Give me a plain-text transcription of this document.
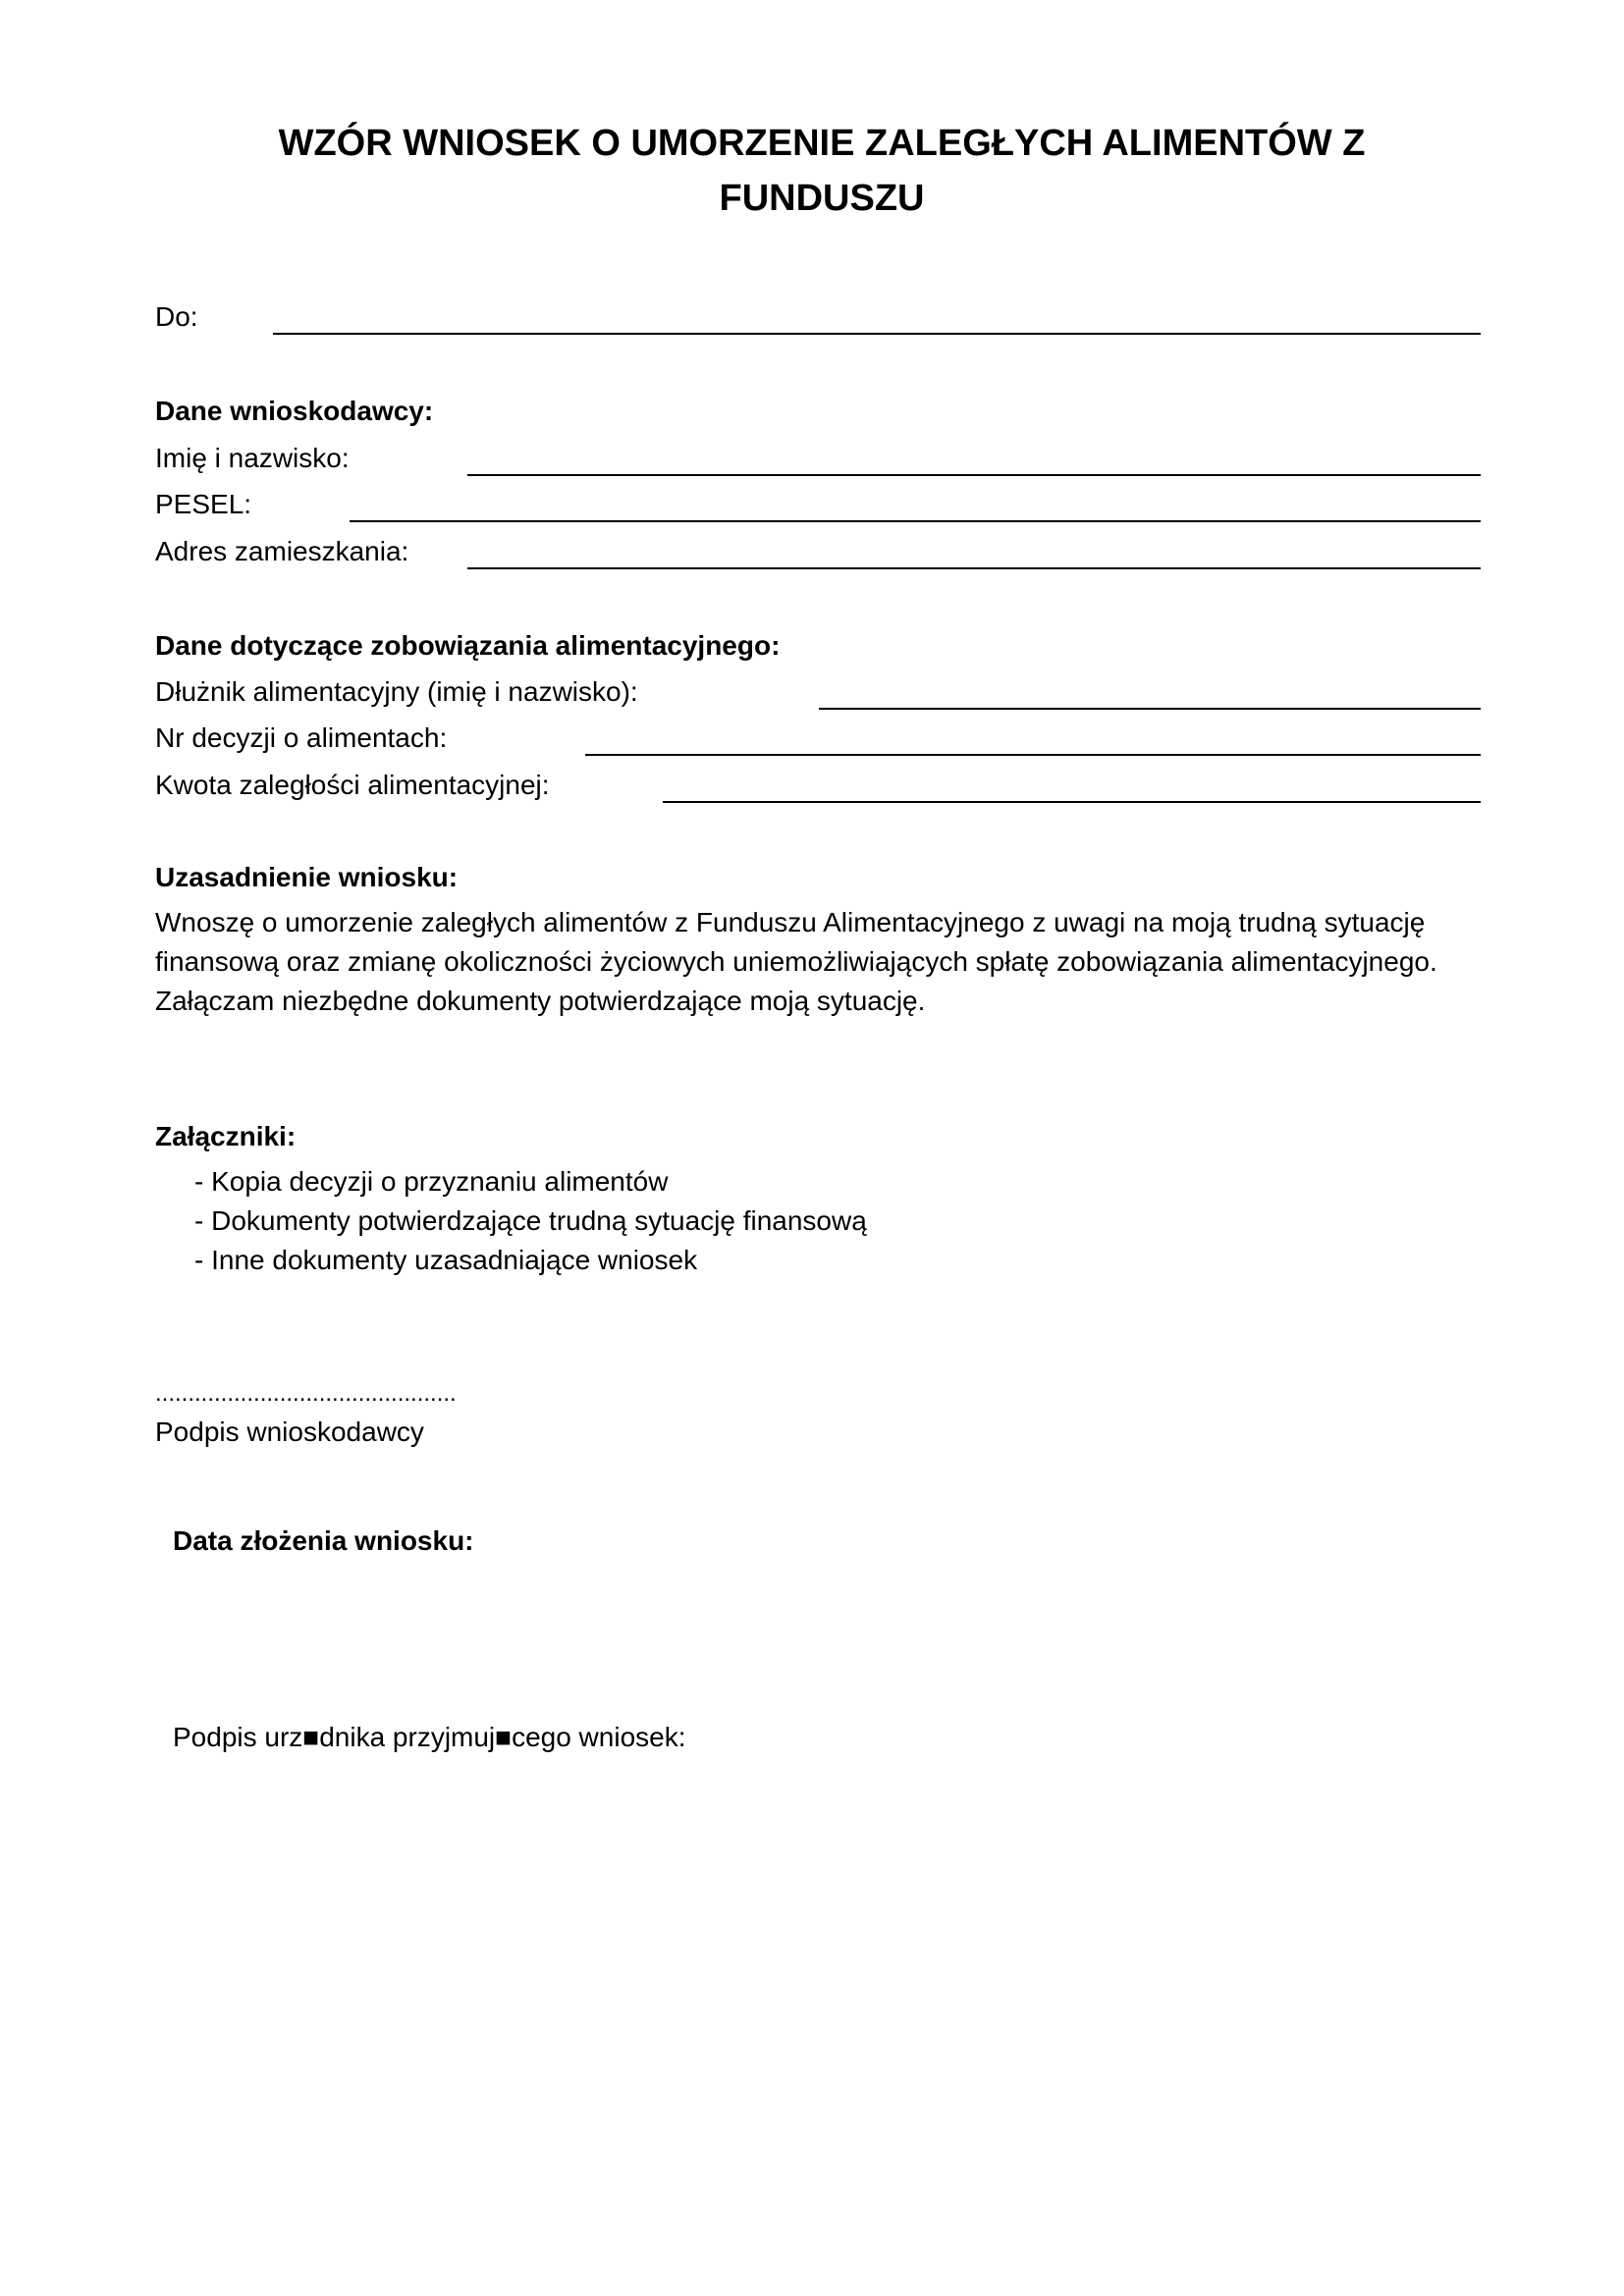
WZÓR WNIOSEK O UMORZENIE ZALEGŁYCH ALIMENTÓW Z FUNDUSZU
Do:
Dane wnioskodawcy:
Imię i nazwisko:
PESEL:
Adres zamieszkania:
Dane dotyczące zobowiązania alimentacyjnego:
Dłużnik alimentacyjny (imię i nazwisko):
Nr decyzji o alimentach:
Kwota zaległości alimentacyjnej:
Uzasadnienie wniosku:
Wnoszę o umorzenie zaległych alimentów z Funduszu Alimentacyjnego z uwagi na moją trudną sytuację
finansową oraz zmianę okoliczności życiowych uniemożliwiających spłatę zobowiązania alimentacyjnego.
Załączam niezbędne dokumenty potwierdzające moją sytuację.
Załączniki:
- Kopia decyzji o przyznaniu alimentów
- Dokumenty potwierdzające trudną sytuację finansową
- Inne dokumenty uzasadniające wniosek
..............................................
Podpis wnioskodawcy
Data złożenia wniosku:
Podpis urz■dnika przyjmuj■cego wniosek:
